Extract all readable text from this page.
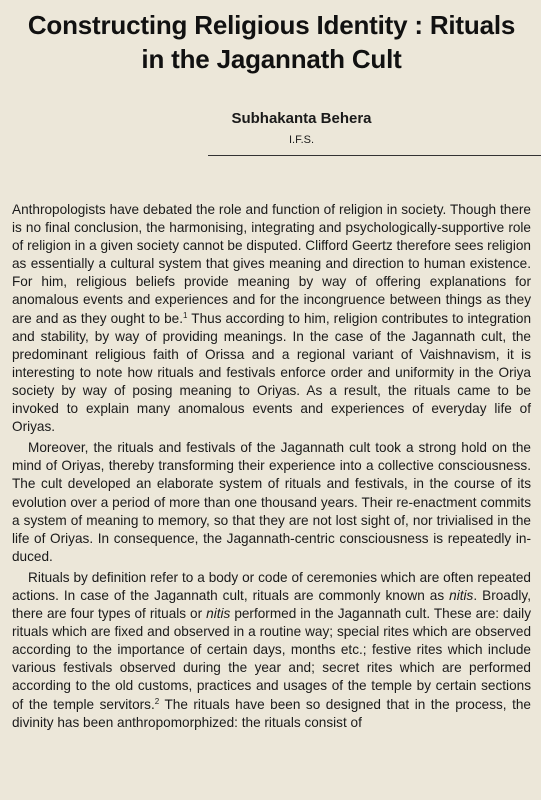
Constructing Religious Identity : Rituals
in the Jagannath Cult
Subhakanta Behera
I.F.S.

Anthropologists have debated the role and function of religion in society. Though there is no final conclusion, the harmonising, integrating and psychologically-supportive role of religion in a given society cannot be disputed. Clifford Geertz therefore sees religion as essentially a cultural system that gives meaning and direction to human existence. For him, religious beliefs provide meaning by way of offering explanations for anomalous events and experiences and for the incongruence between things as they are and as they ought to be.$^1$ Thus according to him, religion contributes to integration and stability, by way of providing meanings. In the case of the Jagannath cult, the predominant religious faith of Orissa and a regional variant of Vaishnavism, it is interesting to note how rituals and festivals enforce order and uniformity in the Oriya society by way of posing meaning to Oriyas. As a result, the rituals came to be invoked to explain many anomalous events and experiences of everyday life of Oriyas.

Moreover, the rituals and festivals of the Jagannath cult took a strong hold on the mind of Oriyas, thereby transforming their experience into a collective consciousness. The cult developed an elaborate system of rituals and festivals, in the course of its evolution over a period of more than one thousand years. Their re-enactment commits a system of meaning to memory, so that they are not lost sight of, nor trivialised in the life of Oriyas. In consequence, the Jagannath-centric consciousness is repeatedly in-duced.

Rituals by definition refer to a body or code of ceremonies which are often repeated actions. In case of the Jagannath cult, rituals are commonly known as nitis. Broadly, there are four types of rituals or nitis performed in the Jagannath cult. These are: daily rituals which are fixed and observed in a routine way; special rites which are observed according to the importance of certain days, months etc.; festive rites which include various festivals observed during the year and; secret rites which are performed according to the old customs, practices and usages of the temple by certain sections of the temple servitors.$^2$ The rituals have been so designed that in the process, the divinity has been anthropomorphized: the rituals consist of
